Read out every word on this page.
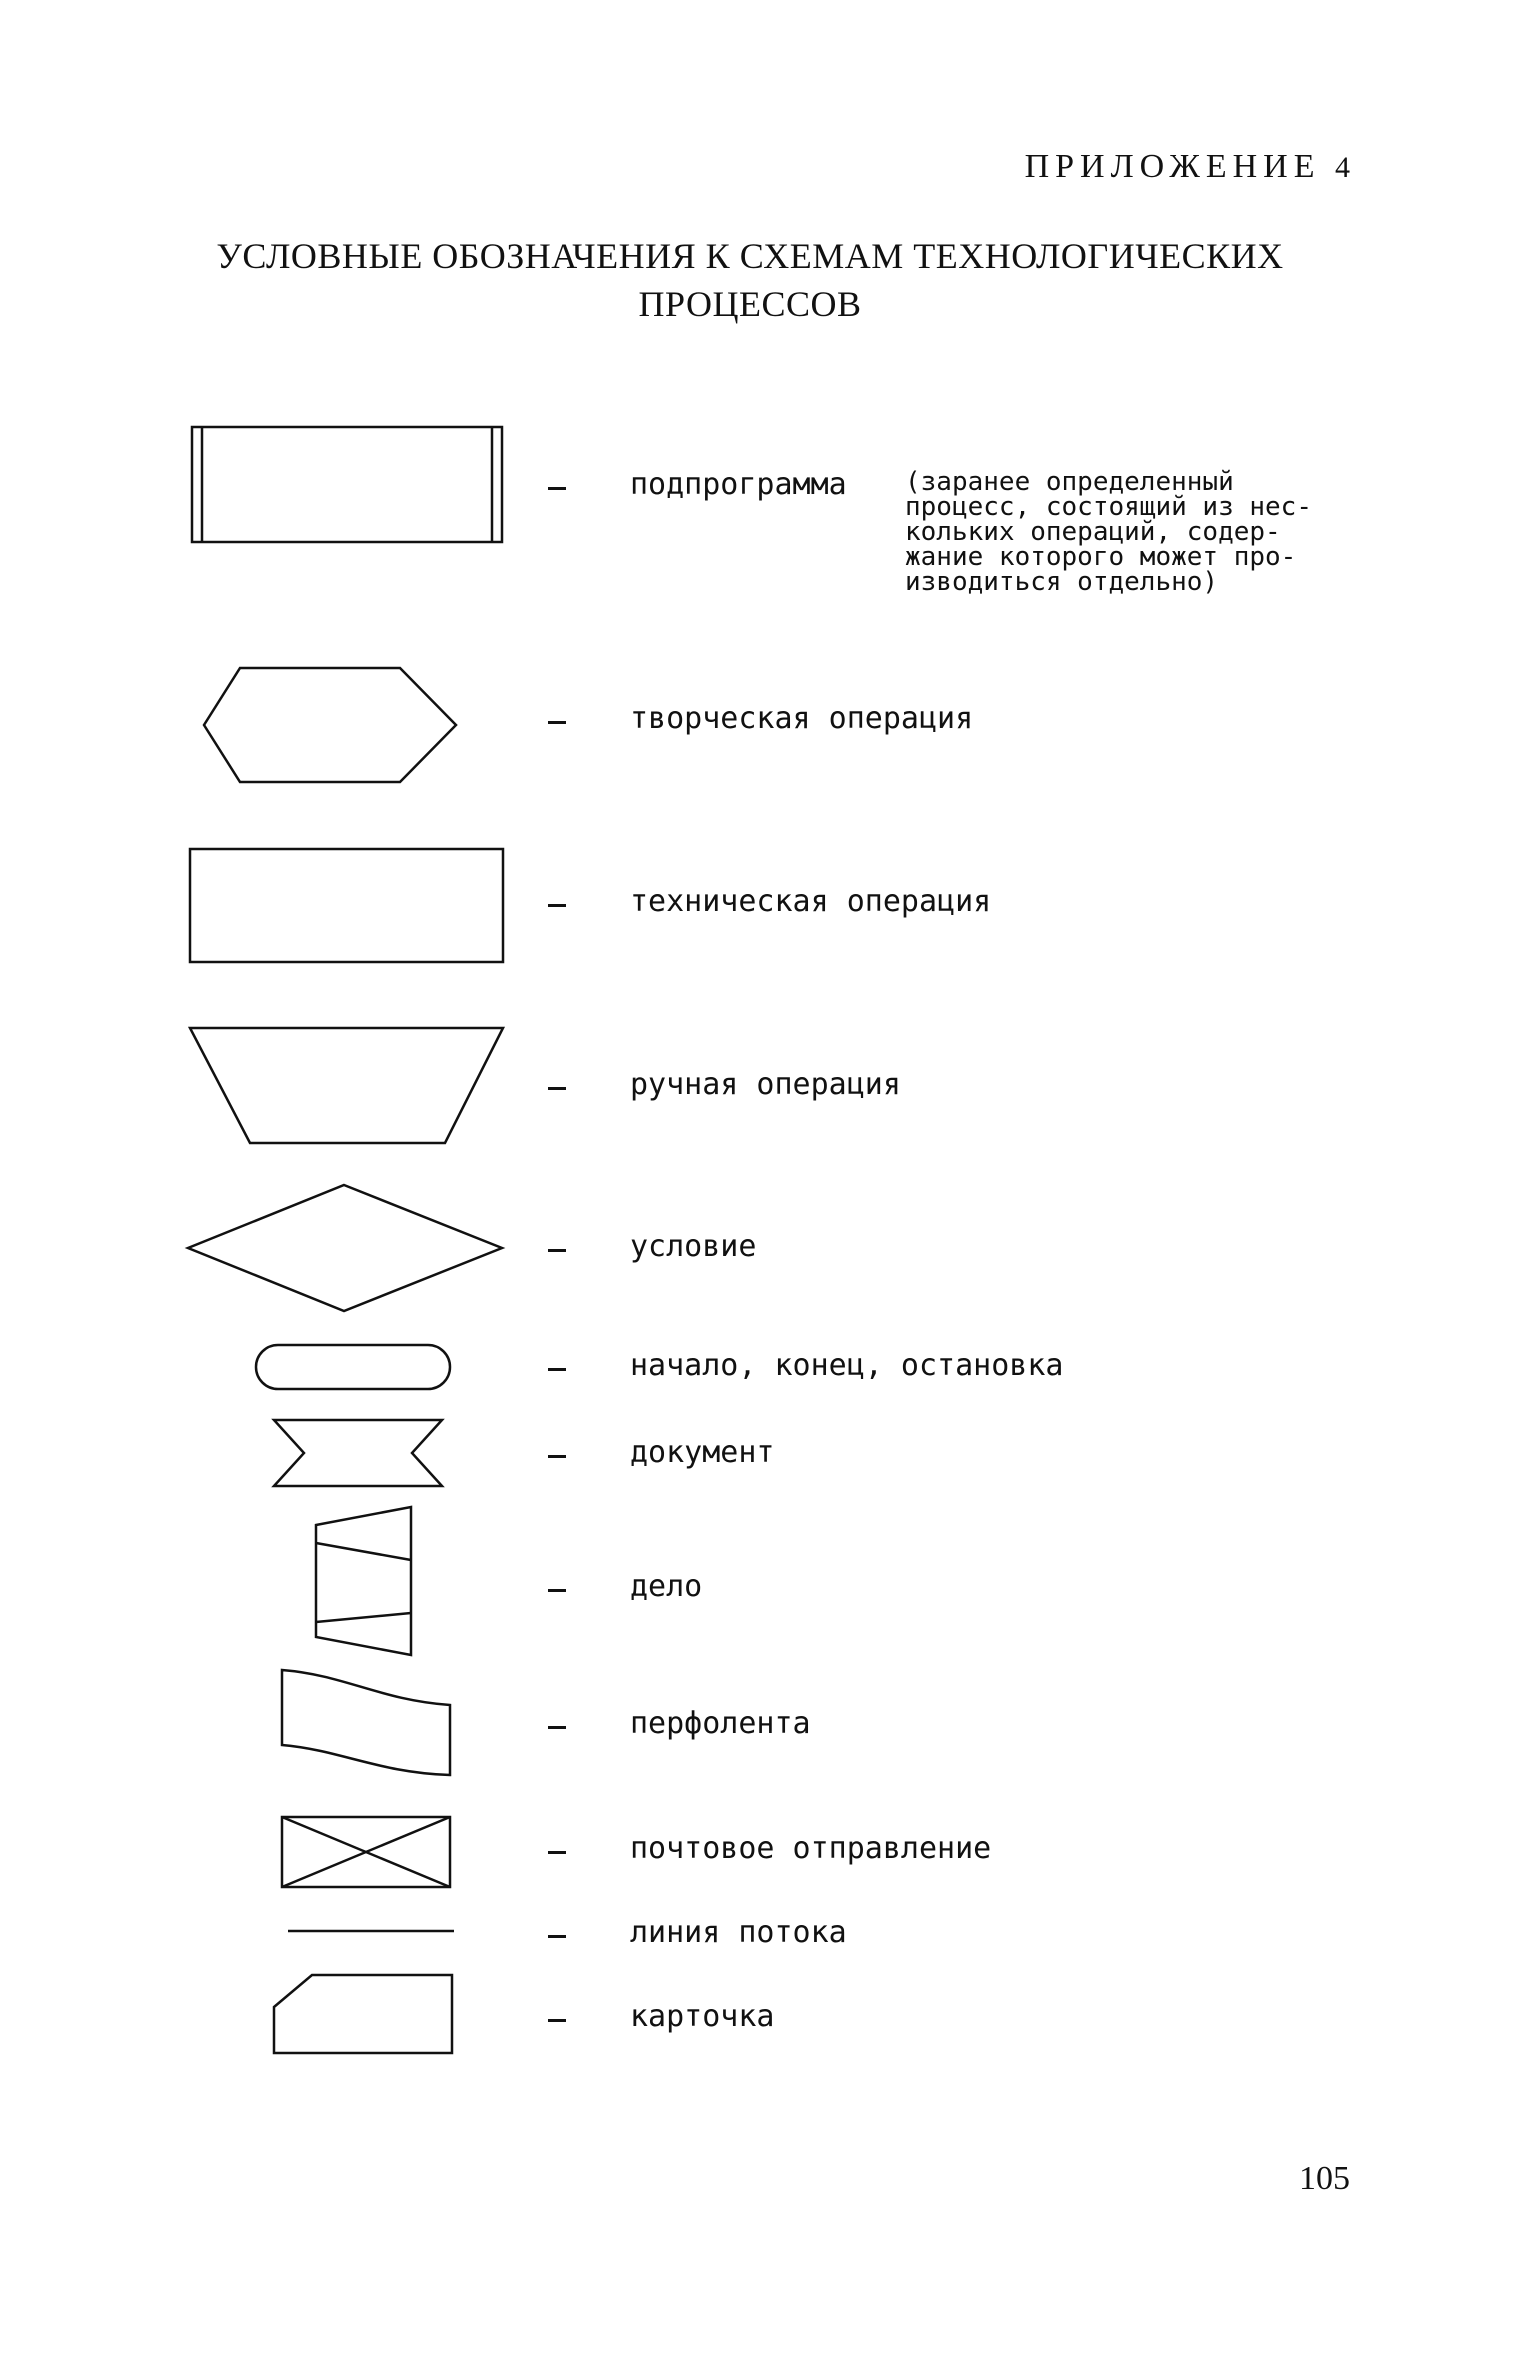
ПРИЛОЖЕНИЕ 4
УСЛОВНЫЕ ОБОЗНАЧЕНИЯ К СХЕМАМ ТЕХНОЛОГИЧЕСКИХ
ПРОЦЕССОВ
подпрограмма (заранее определенный
процесс, состоящий из нес-
кольких операций, содер-
жание которого может про-
изводиться отдельно)
творческая операция
техническая операция
ручная операция
условие
начало, конец, остановка
документ
дело
перфолента
почтовое отправление
линия потока
карточка
105
